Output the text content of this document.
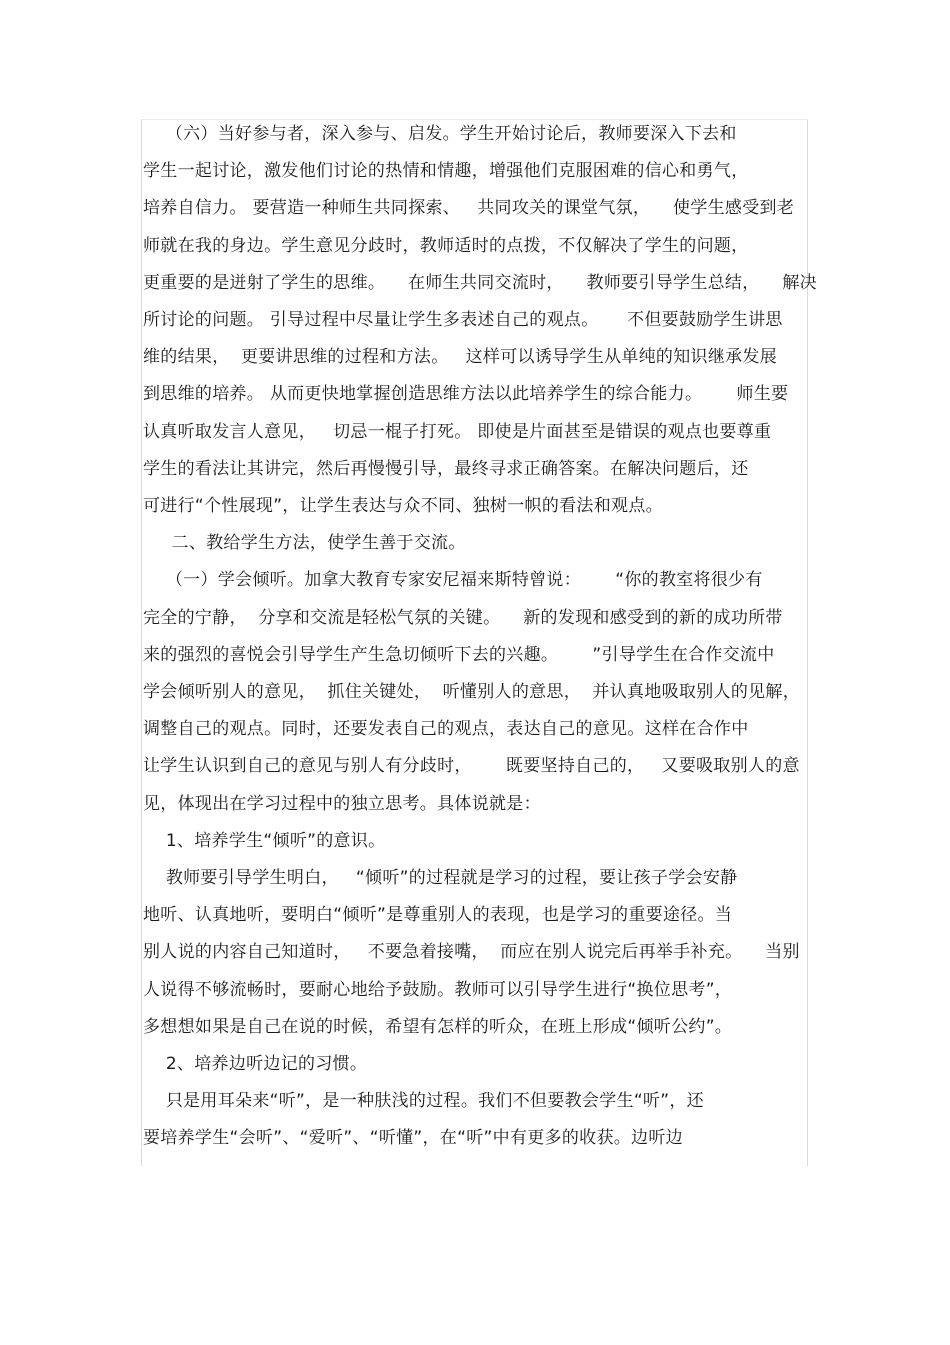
（六）当好参与者，深入参与、启发。学生开始讨论后，教师要深入下去和
学生一起讨论，激发他们讨论的热情和情趣，增强他们克服困难的信心和勇气，
培养自信力。 要营造一种师生共同探索、   共同攻关的课堂气氛，    使学生感受到老
师就在我的身边。学生意见分歧时，教师适时的点拨，不仅解决了学生的问题，
更重要的是迸射了学生的思维。    在师生共同交流时，    教师要引导学生总结，    解决
所讨论的问题。 引导过程中尽量让学生多表述自己的观点。     不但要鼓励学生讲思
维的结果，  更要讲思维的过程和方法。   这样可以诱导学生从单纯的知识继承发展
到思维的培养。 从而更快地掌握创造思维方法以此培养学生的综合能力。      师生要
认真听取发言人意见，   切忌一棍子打死。 即使是片面甚至是错误的观点也要尊重
学生的看法让其讲完，然后再慢慢引导，最终寻求正确答案。在解决问题后，还
可进行“个性展现”，让学生表达与众不同、独树一帜的看法和观点。
二、教给学生方法，使学生善于交流。
（一）学会倾听。加拿大教育专家安尼福来斯特曾说：      “你的教室将很少有
完全的宁静，  分享和交流是轻松气氛的关键。    新的发现和感受到的新的成功所带
来的强烈的喜悦会引导学生产生急切倾听下去的兴趣。      ”引导学生在合作交流中
学会倾听别人的意见，  抓住关键处，  听懂别人的意思，  并认真地吸取别人的见解，
调整自己的观点。同时，还要发表自己的观点，表达自己的意见。这样在合作中
让学生认识到自己的意见与别人有分歧时，      既要坚持自己的，   又要吸取别人的意
见，体现出在学习过程中的独立思考。具体说就是：
1、培养学生“倾听”的意识。
教师要引导学生明白，   “倾听”的过程就是学习的过程，要让孩子学会安静
地听、认真地听，要明白“倾听”是尊重别人的表现，也是学习的重要途径。当
别人说的内容自己知道时，   不要急着接嘴，  而应在别人说完后再举手补充。    当别
人说得不够流畅时，要耐心地给予鼓励。教师可以引导学生进行“换位思考”，
多想想如果是自己在说的时候，希望有怎样的听众，在班上形成“倾听公约”。
2、培养边听边记的习惯。
只是用耳朵来“听”，是一种肤浅的过程。我们不但要教会学生“听”，还
要培养学生“会听”、“爱听”、“听懂”，在“听”中有更多的收获。边听边
